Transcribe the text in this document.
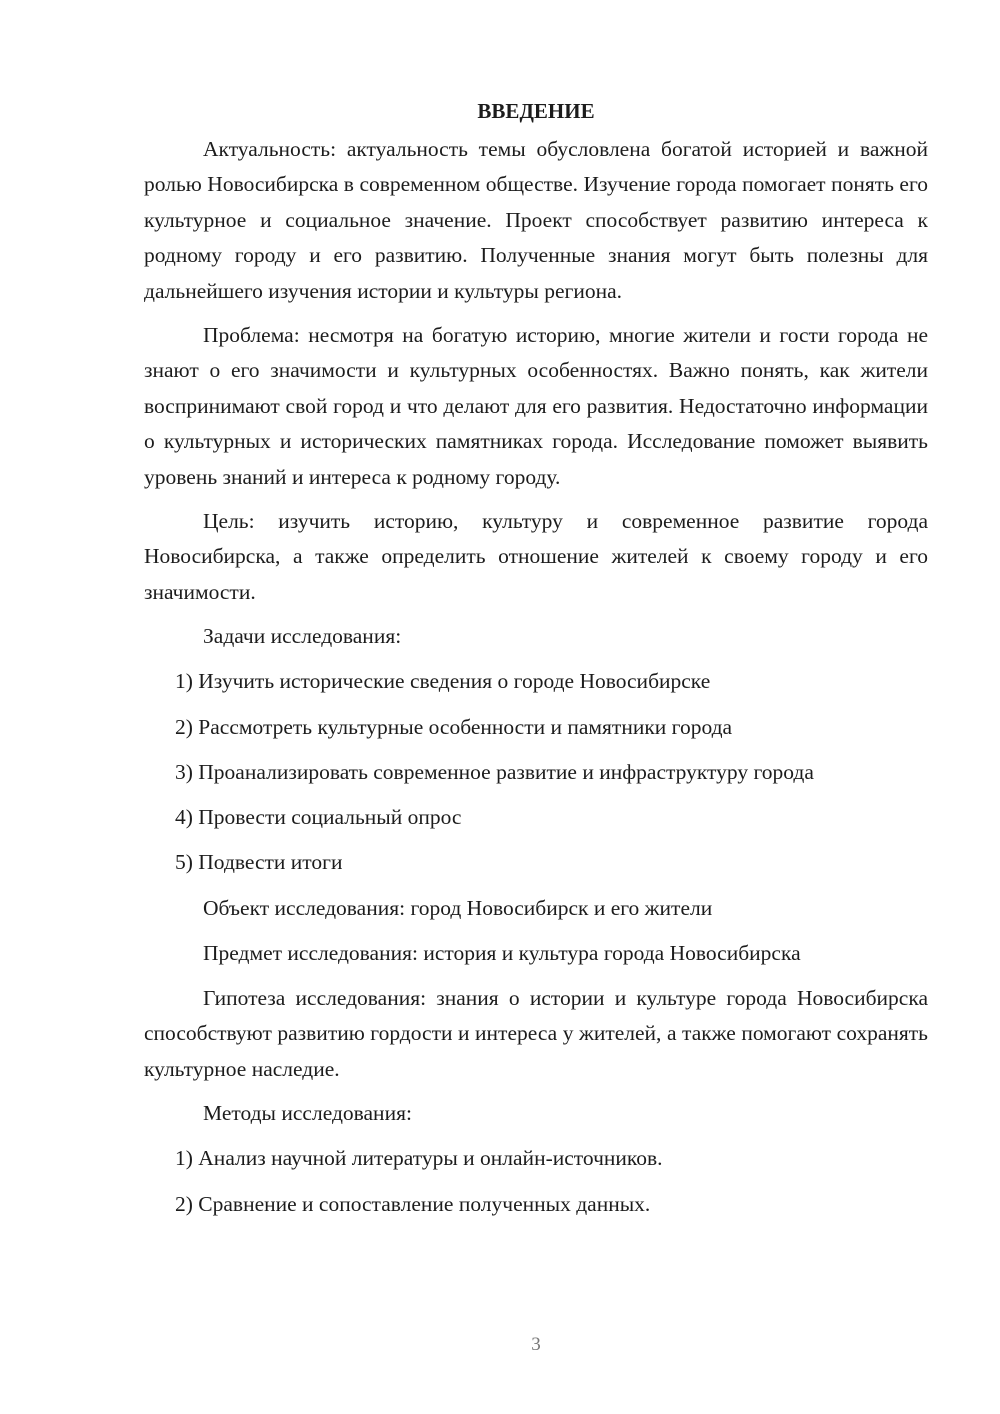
ВВЕДЕНИЕ

Актуальность: актуальность темы обусловлена богатой историей и важной ролью Новосибирска в современном обществе. Изучение города помогает понять его культурное и социальное значение. Проект способствует развитию интереса к родному городу и его развитию. Полученные знания могут быть полезны для дальнейшего изучения истории и культуры региона.

Проблема: несмотря на богатую историю, многие жители и гости города не знают о его значимости и культурных особенностях. Важно понять, как жители воспринимают свой город и что делают для его развития. Недостаточно информации о культурных и исторических памятниках города. Исследование поможет выявить уровень знаний и интереса к родному городу.

Цель: изучить историю, культуру и современное развитие города Новосибирска, а также определить отношение жителей к своему городу и его значимости.

Задачи исследования:
1) Изучить исторические сведения о городе Новосибирске
2) Рассмотреть культурные особенности и памятники города
3) Проанализировать современное развитие и инфраструктуру города
4) Провести социальный опрос
5) Подвести итоги
Объект исследования: город Новосибирск и его жители
Предмет исследования: история и культура города Новосибирска

Гипотеза исследования: знания о истории и культуре города Новосибирска способствуют развитию гордости и интереса у жителей, а также помогают сохранять культурное наследие.

Методы исследования:
1) Анализ научной литературы и онлайн-источников.
2) Сравнение и сопоставление полученных данных.
3
